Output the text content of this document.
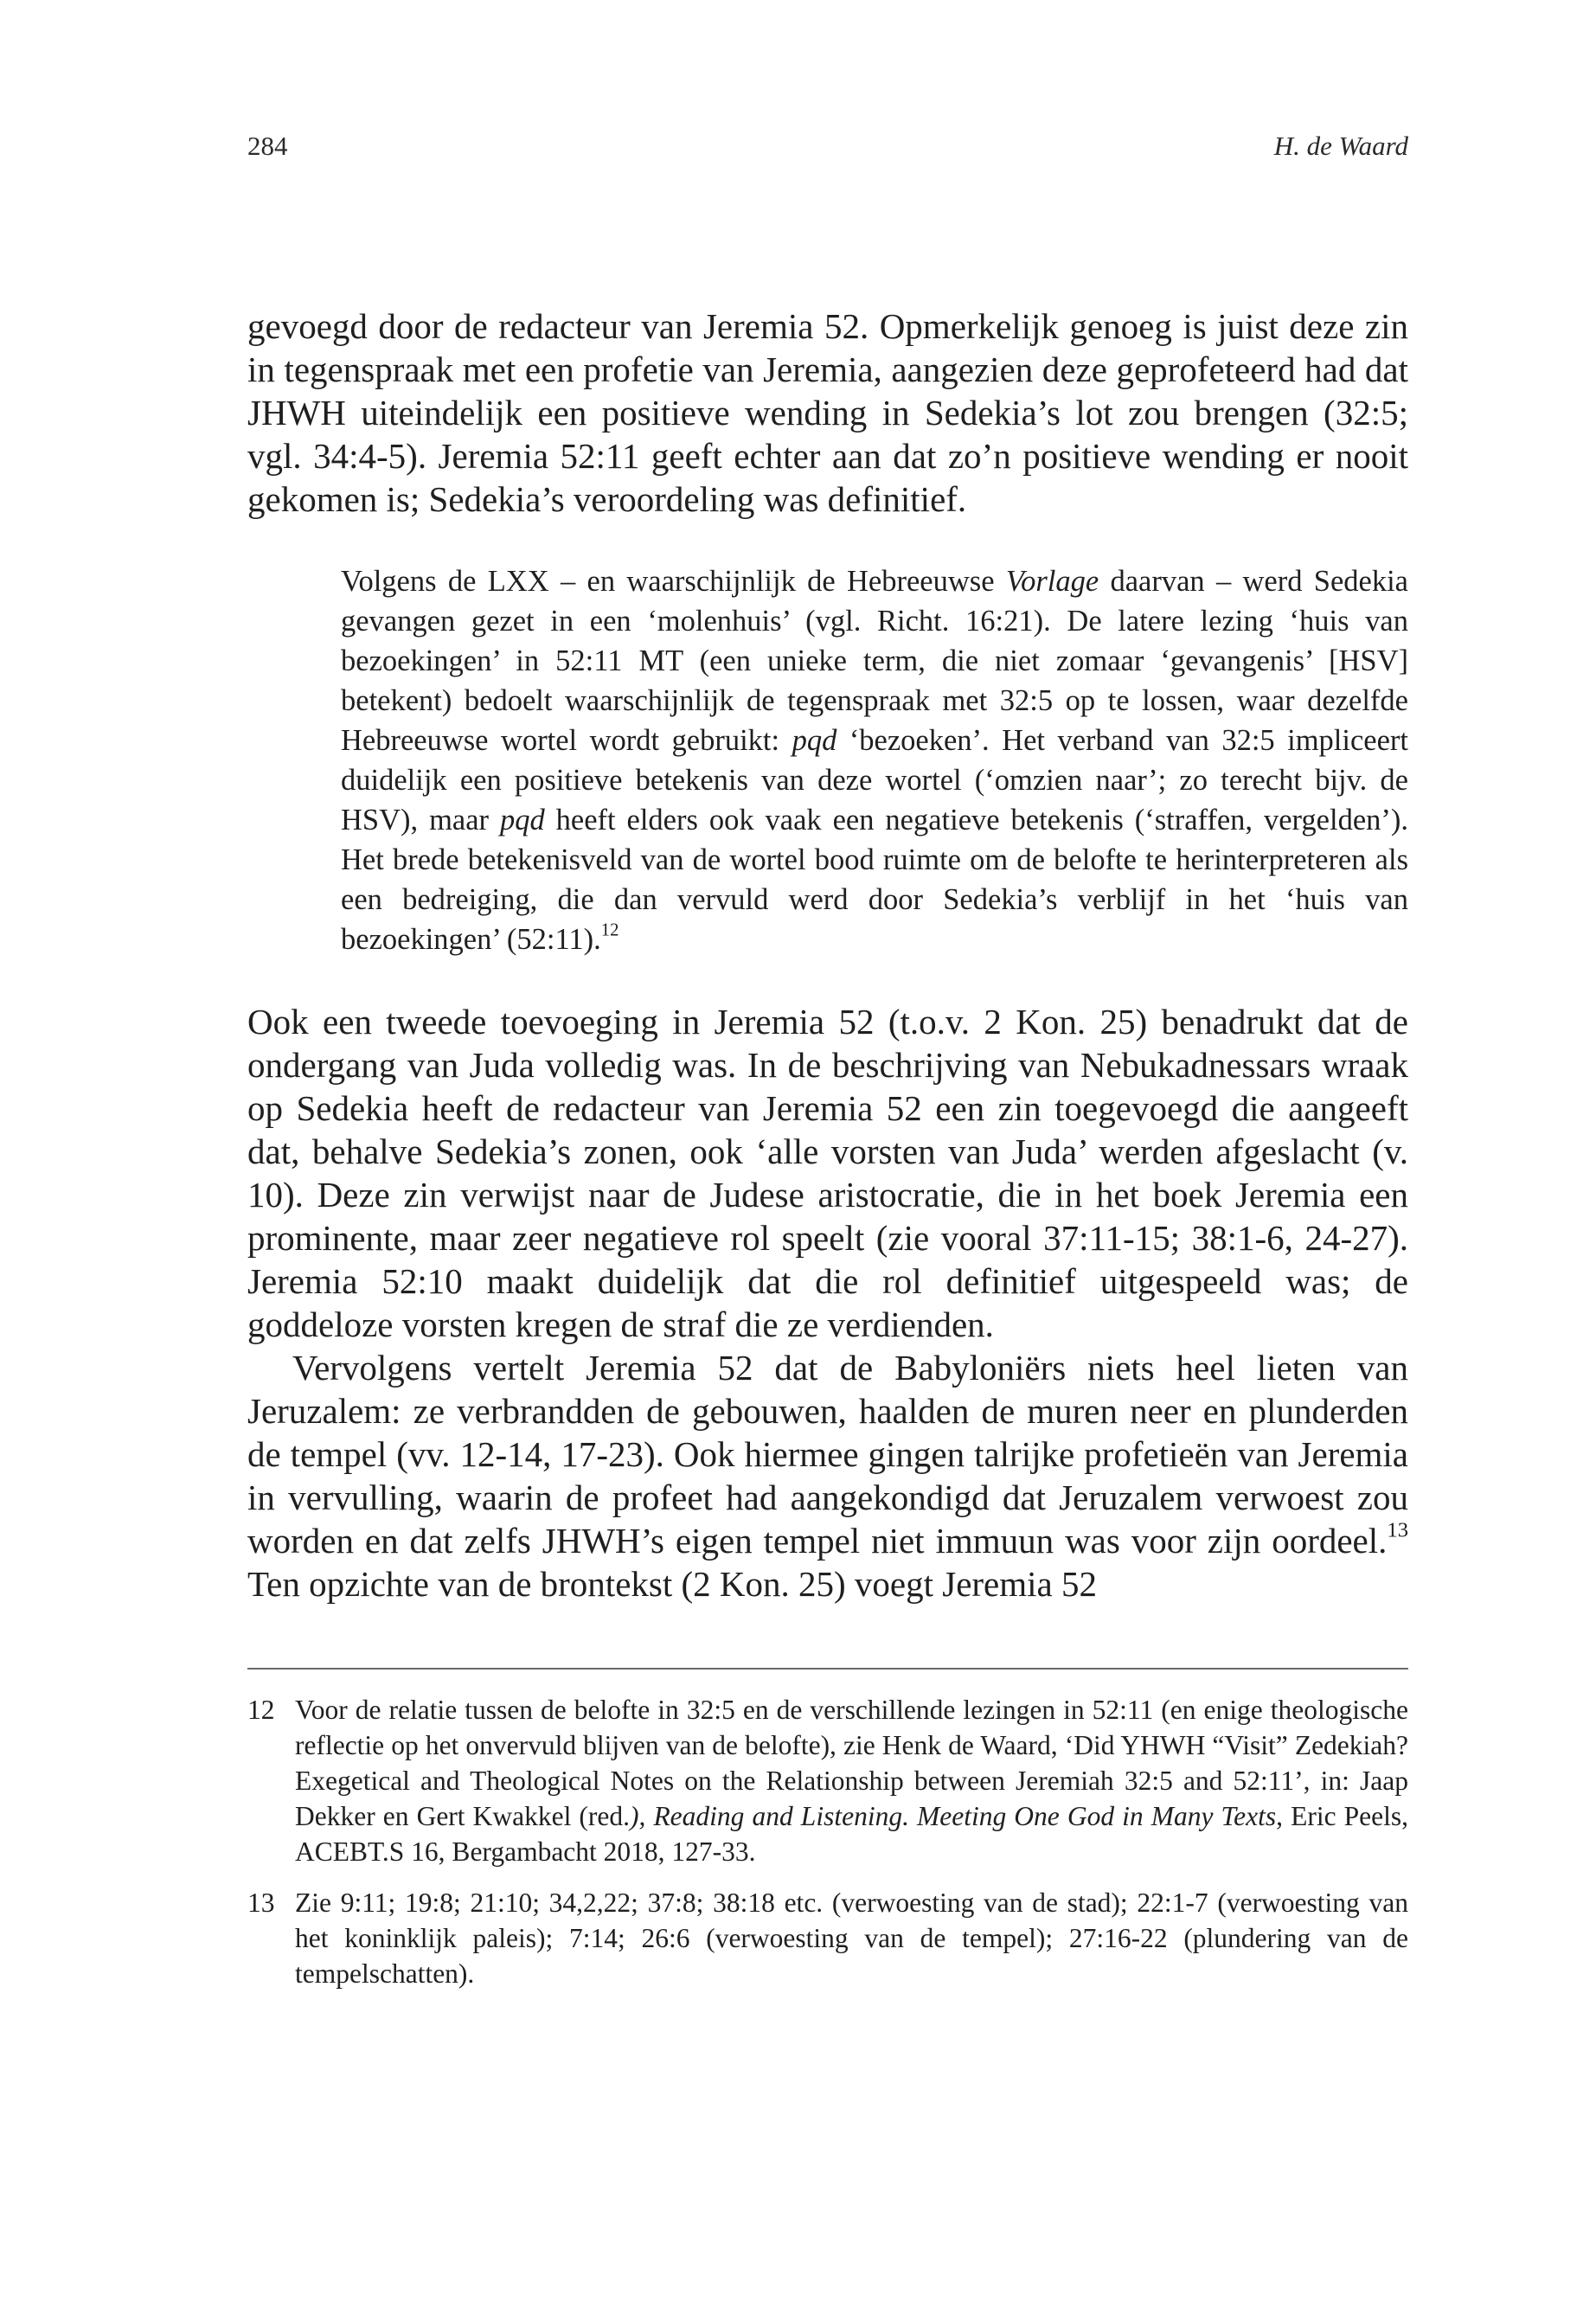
284	H. de Waard

gevoegd door de redacteur van Jeremia 52. Opmerkelijk genoeg is juist deze zin in tegenspraak met een profetie van Jeremia, aangezien deze geprofeteerd had dat JHWH uiteindelijk een positieve wending in Sedekia’s lot zou brengen (32:5; vgl. 34:4-5). Jeremia 52:11 geeft echter aan dat zo’n positieve wending er nooit gekomen is; Sedekia’s veroordeling was definitief.

Volgens de LXX – en waarschijnlijk de Hebreeuwse Vorlage daarvan – werd Sedekia gevangen gezet in een ‘molenhuis’ (vgl. Richt. 16:21). De latere lezing ‘huis van bezoekingen’ in 52:11 MT (een unieke term, die niet zomaar ‘gevangenis’ [HSV] betekent) bedoelt waarschijnlijk de tegenspraak met 32:5 op te lossen, waar dezelfde Hebreeuwse wortel wordt gebruikt: pqd ‘bezoeken’. Het verband van 32:5 impliceert duidelijk een positieve betekenis van deze wortel (‘omzien naar’; zo terecht bijv. de HSV), maar pqd heeft elders ook vaak een negatieve betekenis (‘straffen, vergelden’). Het brede betekenisveld van de wortel bood ruimte om de belofte te herinterpreteren als een bedreiging, die dan vervuld werd door Sedekia’s verblijf in het ‘huis van bezoekingen’ (52:11).$^{12}$

Ook een tweede toevoeging in Jeremia 52 (t.o.v. 2 Kon. 25) benadrukt dat de ondergang van Juda volledig was. In de beschrijving van Nebukadnessars wraak op Sedekia heeft de redacteur van Jeremia 52 een zin toegevoegd die aangeeft dat, behalve Sedekia’s zonen, ook ‘alle vorsten van Juda’ werden afgeslacht (v. 10). Deze zin verwijst naar de Judese aristocratie, die in het boek Jeremia een prominente, maar zeer negatieve rol speelt (zie vooral 37:11-15; 38:1-6, 24-27). Jeremia 52:10 maakt duidelijk dat die rol definitief uitgespeeld was; de goddeloze vorsten kregen de straf die ze verdienden.

Vervolgens vertelt Jeremia 52 dat de Babyloniërs niets heel lieten van Jeruzalem: ze verbrandden de gebouwen, haalden de muren neer en plunderden de tempel (vv. 12-14, 17-23). Ook hiermee gingen talrijke profetieën van Jeremia in vervulling, waarin de profeet had aangekondigd dat Jeruzalem verwoest zou worden en dat zelfs JHWH’s eigen tempel niet immuun was voor zijn oordeel.$^{13}$ Ten opzichte van de brontekst (2 Kon. 25) voegt Jeremia 52

12 Voor de relatie tussen de belofte in 32:5 en de verschillende lezingen in 52:11 (en enige theologische reflectie op het onvervuld blijven van de belofte), zie Henk de Waard, ‘Did YHWH “Visit” Zedekiah? Exegetical and Theological Notes on the Relationship between Jeremiah 32:5 and 52:11’, in: Jaap Dekker en Gert Kwakkel (red.), Reading and Listening. Meeting One God in Many Texts, Eric Peels, ACEBT.S 16, Bergambacht 2018, 127-33.
13 Zie 9:11; 19:8; 21:10; 34,2,22; 37:8; 38:18 etc. (verwoesting van de stad); 22:1-7 (verwoesting van het koninklijk paleis); 7:14; 26:6 (verwoesting van de tempel); 27:16-22 (plundering van de tempelschatten).
